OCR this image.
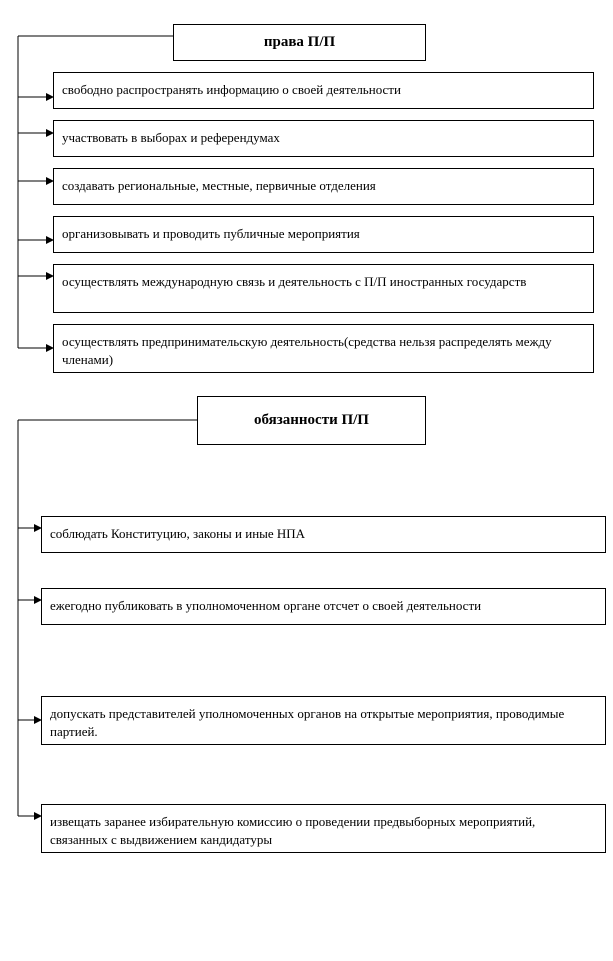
права П/П
свободно распространять информацию о своей деятельности
участвовать в выборах и референдумах
создавать региональные, местные, первичные отделения
организовывать и проводить публичные мероприятия
осуществлять международную связь и деятельность с П/П иностранных государств
осуществлять предпринимательскую деятельность(средства нельзя распределять между членами)
обязанности П/П
соблюдать Конституцию, законы и иные НПА
ежегодно публиковать в уполномоченном органе отсчет о своей деятельности
допускать представителей уполномоченных органов на открытые мероприятия, проводимые партией.
извещать заранее избирательную комиссию о проведении предвыборных мероприятий, связанных с выдвижением кандидатуры
